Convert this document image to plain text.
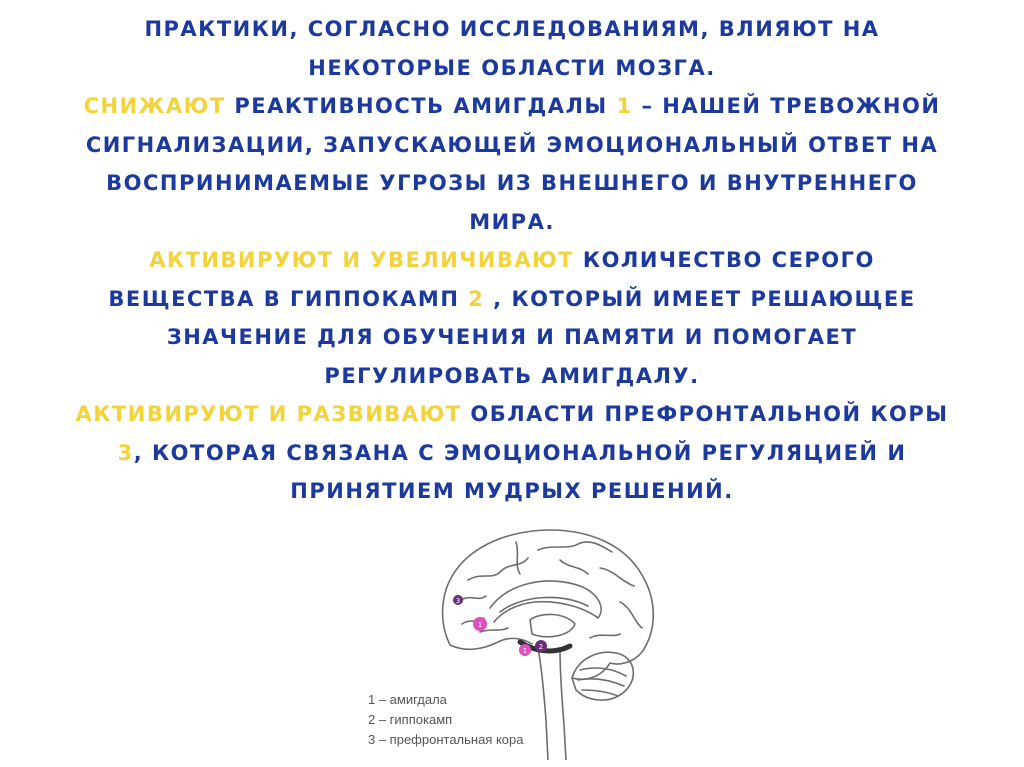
ПРАКТИКИ, СОГЛАСНО ИССЛЕДОВАНИЯМ, ВЛИЯЮТ НА
НЕКОТОРЫЕ ОБЛАСТИ МОЗГА.
СНИЖАЮТ РЕАКТИВНОСТЬ АМИГДАЛЫ 1 – НАШЕЙ ТРЕВОЖНОЙ
СИГНАЛИЗАЦИИ, ЗАПУСКАЮЩЕЙ ЭМОЦИОНАЛЬНЫЙ ОТВЕТ НА
ВОСПРИНИМАЕМЫЕ УГРОЗЫ ИЗ ВНЕШНЕГО И ВНУТРЕННЕГО
МИРА.
АКТИВИРУЮТ И УВЕЛИЧИВАЮТ КОЛИЧЕСТВО СЕРОГО
ВЕЩЕСТВА В ГИППОКАМП 2 , КОТОРЫЙ ИМЕЕТ РЕШАЮЩЕЕ
ЗНАЧЕНИЕ ДЛЯ ОБУЧЕНИЯ И ПАМЯТИ И ПОМОГАЕТ
РЕГУЛИРОВАТЬ АМИГДАЛУ.
АКТИВИРУЮТ И РАЗВИВАЮТ ОБЛАСТИ ПРЕФРОНТАЛЬНОЙ КОРЫ
3, КОТОРАЯ СВЯЗАНА С ЭМОЦИОНАЛЬНОЙ РЕГУЛЯЦИЕЙ И
ПРИНЯТИЕМ МУДРЫХ РЕШЕНИЙ.
3
1
1 2
1 – амигдала
2 – гиппокамп
3 – префронтальная кора
